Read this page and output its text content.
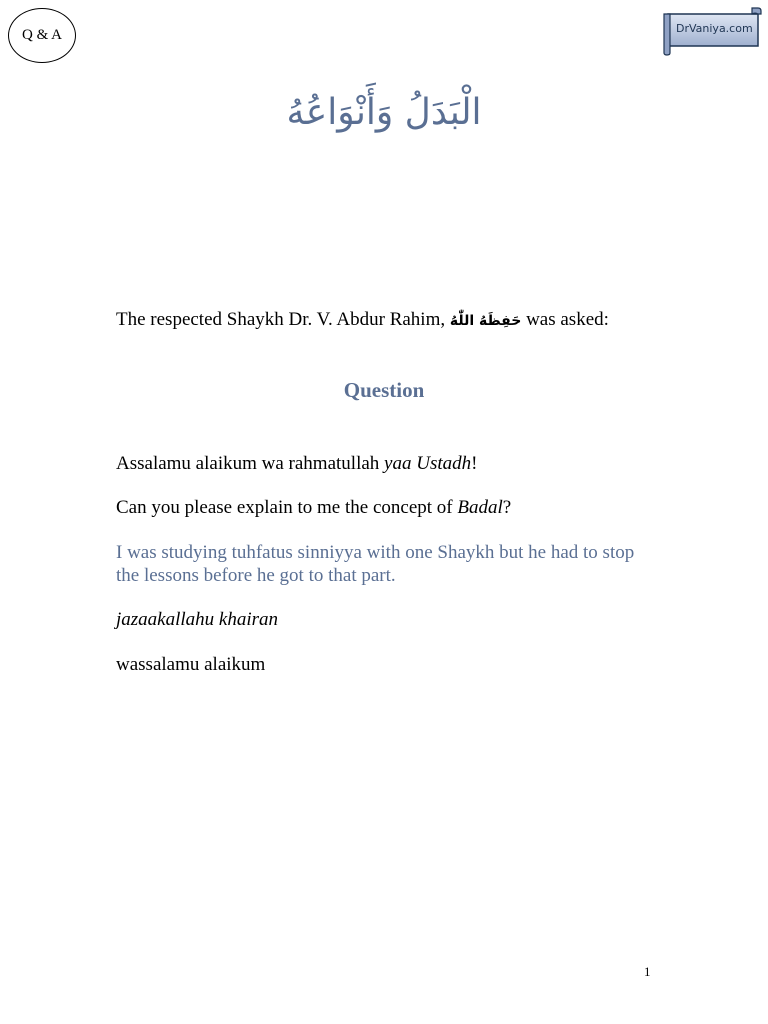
Q & A	DrVaniya.com
الْبَدَلُ وَأَنْوَاعُهُ
The respected Shaykh Dr. V. Abdur Rahim, حَفِظَهُ اللّٰهُ was asked:
Question
Assalamu alaikum wa rahmatullah yaa Ustadh!
Can you please explain to me the concept of Badal?
I was studying tuhfatus sinniyya with one Shaykh but he had to stop the lessons before he got to that part.
jazaakallahu khairan
wassalamu alaikum
1
